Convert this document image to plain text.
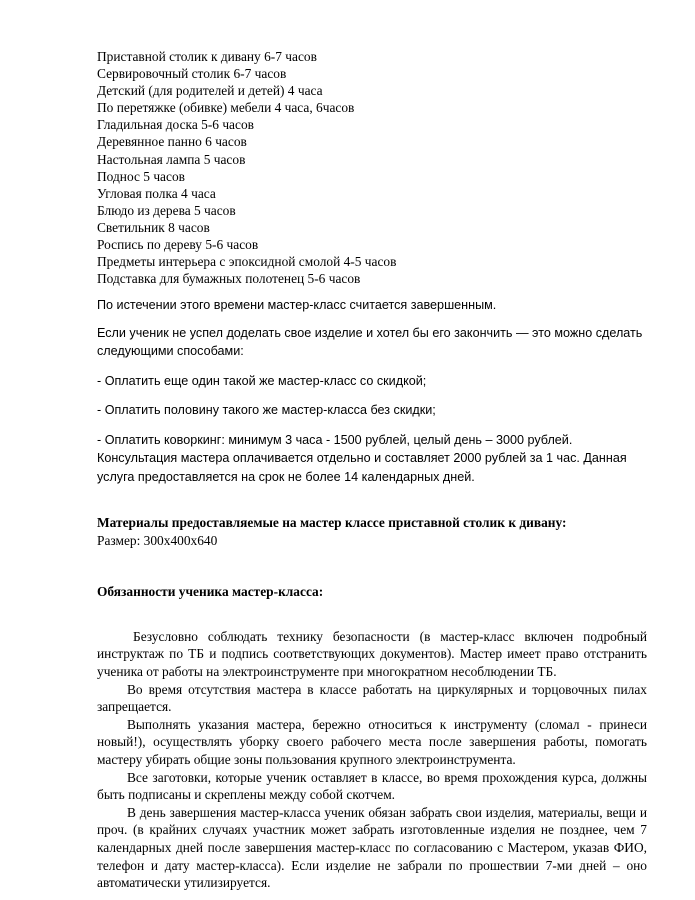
Приставной столик к дивану 6-7 часов
Сервировочный столик 6-7 часов
Детский (для родителей и детей) 4 часа
По перетяжке (обивке) мебели 4 часа, 6часов
Гладильная доска 5-6 часов
Деревянное панно 6 часов
Настольная лампа 5 часов
Поднос 5 часов
Угловая полка 4 часа
Блюдо из дерева 5 часов
Светильник 8 часов
Роспись по дереву 5-6 часов
Предметы интерьера с эпоксидной смолой 4-5 часов
Подставка для бумажных полотенец 5-6 часов

По истечении этого времени мастер-класс считается завершенным.

Если ученик не успел доделать свое изделие и хотел бы его закончить — это можно сделать следующими способами:

- Оплатить еще один такой же мастер-класс со скидкой;

- Оплатить половину такого же мастер-класса без скидки;

- Оплатить коворкинг: минимум 3 часа - 1500 рублей, целый день – 3000 рублей. Консультация мастера оплачивается отдельно и составляет 2000 рублей за 1 час. Данная услуга предоставляется на срок не более 14 календарных дней.

Материалы предоставляемые на мастер классе приставной столик к дивану:
Размер: 300х400х640
Обязанности ученика мастер-класса:

Безусловно соблюдать технику безопасности (в мастер-класс включен подробный инструктаж по ТБ и подпись соответствующих документов). Мастер имеет право отстранить ученика от работы на электроинструменте при многократном несоблюдении ТБ.

Во время отсутствия мастера в классе работать на циркулярных и торцовочных пилах запрещается.

Выполнять указания мастера, бережно относиться к инструменту (сломал - принеси новый!), осуществлять уборку своего рабочего места после завершения работы, помогать мастеру убирать общие зоны пользования крупного электроинструмента.

Все заготовки, которые ученик оставляет в классе, во время прохождения курса, должны быть подписаны и скреплены между собой скотчем.

В день завершения мастер-класса ученик обязан забрать свои изделия, материалы, вещи и проч. (в крайних случаях участник может забрать изготовленные изделия не позднее, чем 7 календарных дней после завершения мастер-класс по согласованию с Мастером, указав ФИО, телефон и дату мастер-класса). Если изделие не забрали по прошествии 7-ми дней – оно автоматически утилизируется.
